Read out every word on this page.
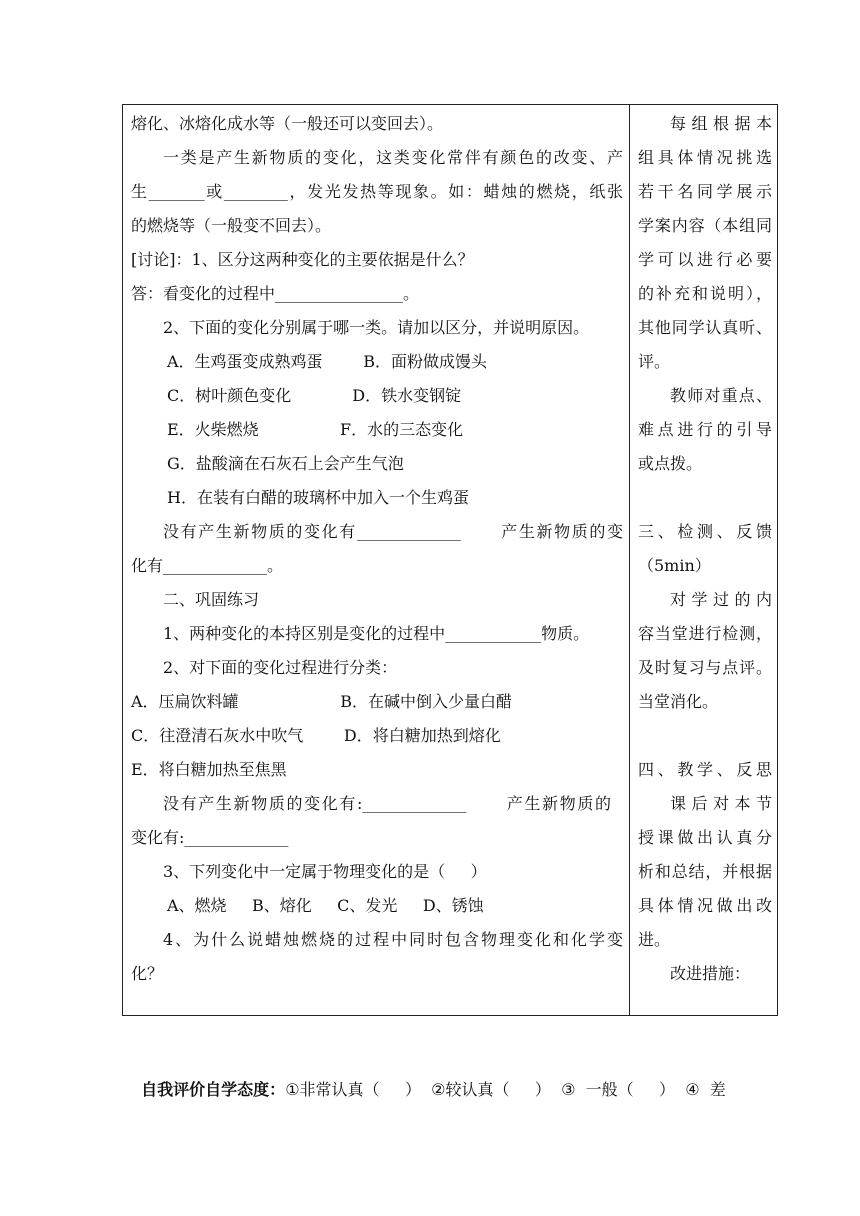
熔化、冰熔化成水等（一般还可以变回去）。
一类是产生新物质的变化，这类变化常伴有颜色的改变、产
生_______或________，发光发热等现象。如：蜡烛的燃烧，纸张
的燃烧等（一般变不回去）。
[讨论]：1、区分这两种变化的主要依据是什么？
答：看变化的过程中________________。
2、下面的变化分别属于哪一类。请加以区分，并说明原因。
A．生鸡蛋变成熟鸡蛋        B．面粉做成馒头
C．树叶颜色变化            D．铁水变钢锭
E．火柴燃烧                F．水的三态变化
G．盐酸滴在石灰石上会产生气泡
H．在装有白醋的玻璃杯中加入一个生鸡蛋
没有产生新物质的变化有_____________      产生新物质的变
化有_____________。
二、巩固练习
1、两种变化的本持区别是变化的过程中____________物质。
2、对下面的变化过程进行分类：
A．压扁饮料罐                    B．在碱中倒入少量白醋
C．往澄清石灰水中吹气        D．将白糖加热到熔化
E．将白糖加热至焦黑
没有产生新物质的变化有:_____________      产生新物质的
变化有:_____________
3、下列变化中一定属于物理变化的是（     ）
A、燃烧     B、熔化     C、发光     D、锈蚀
4、为什么说蜡烛燃烧的过程中同时包含物理变化和化学变
化？
每组根据本
组具体情况挑选
若干名同学展示
学案内容（本组同
学可以进行必要
的补充和说明），
其他同学认真听、
评。
教师对重点、
难点进行的引导
或点拨。
三、检测、反馈
（5min）
对学过的内
容当堂进行检测，
及时复习与点评。
当堂消化。
四、教学、反思
课后对本节
授课做出认真分
析和总结，并根据
具体情况做出改
进。
改进措施：

自我评价自学态度：①非常认真（     ）  ②较认真（     ）  ③  一般（     ）  ④  差
